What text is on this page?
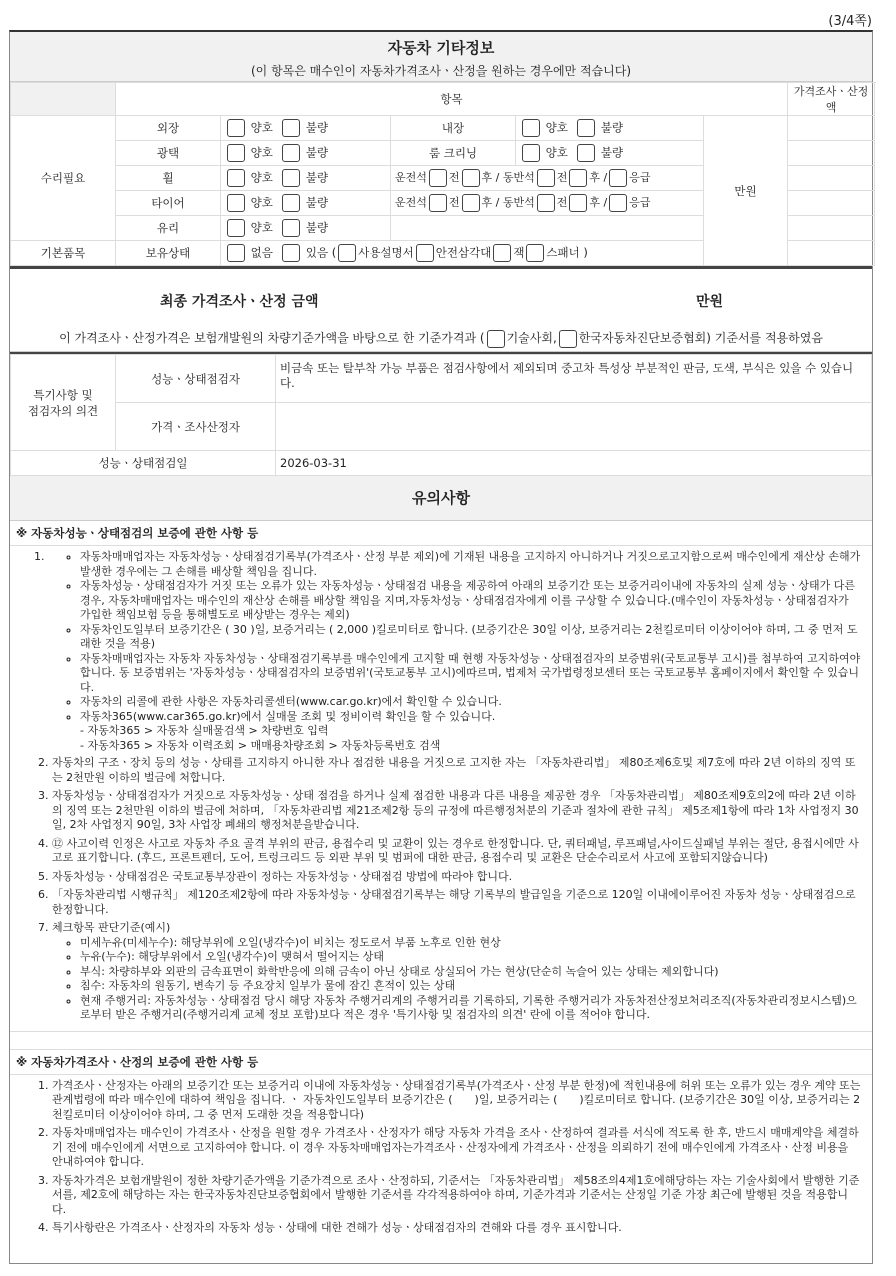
(3/4쪽)
자동차 기타정보
(이 항목은 매수인이 자동차가격조사ㆍ산정을 원하는 경우에만 적습니다)
	항목					가격조사ㆍ산정액
수리필요	외장	양호 불량	내장	양호 불량	만원	
	광택	양호 불량	룸 크리닝	양호 불량		
	휠	양호 불량	운전석 전 후 / 동반석 전 후 / 응급			
	타이어	양호 불량	운전석 전 후 / 동반석 전 후 / 응급			
	유리	양호 불량				
기본품목	보유상태	없음 있음 ( 사용설명서 안전삼각대 잭 스패너 )				
최종 가격조사ㆍ산정 금액	만원
이 가격조사ㆍ산정가격은 보험개발원의 차량기준가액을 바탕으로 한 기준가격과 ( 기술사회, 한국자동차진단보증협회) 기준서를 적용하였음
특기사항 및
점검자의 의견	성능ㆍ상태점검자	비금속 또는 탈부착 가능 부품은 점검사항에서 제외되며 중고차 특성상 부분적인 판금, 도색, 부식은 있을 수 있습니다.
	가격ㆍ조사산정자	
성능ㆍ상태점검일		2026-03-31
유의사항
※ 자동차성능ㆍ상태점검의 보증에 관한 사항 등
1.	◦ 자동차매매업자는 자동차성능ㆍ상태점검기록부(가격조사ㆍ산정 부분 제외)에 기재된 내용을 고지하지 아니하거나 거짓으로고지함으로써 매수인에게 재산상 손해가 발생한 경우에는 그 손해를 배상할 책임을 집니다.
◦ 자동차성능ㆍ상태점검자가 거짓 또는 오류가 있는 자동차성능ㆍ상태점검 내용을 제공하여 아래의 보증기간 또는 보증거리이내에 자동차의 실제 성능ㆍ상태가 다른 경우, 자동차매매업자는 매수인의 재산상 손해를 배상할 책임을 지며,자동차성능ㆍ상태점검자에게 이를 구상할 수 있습니다.(매수인이 자동차성능ㆍ상태점검자가 가입한 책임보험 등을 통해별도로 배상받는 경우는 제외)
◦ 자동차인도일부터 보증기간은 ( 30 )일, 보증거리는 ( 2,000 )킬로미터로 합니다. (보증기간은 30일 이상, 보증거리는 2천킬로미터 이상이어야 하며, 그 중 먼저 도래한 것을 적용)
◦ 자동차매매업자는 자동차 자동차성능ㆍ상태점검기록부를 매수인에게 고지할 때 현행 자동차성능ㆍ상태점검자의 보증범위(국토교통부 고시)를 첨부하여 고지하여야 합니다. 동 보증범위는 '자동차성능ㆍ상태점검자의 보증범위'(국토교통부 고시)에따르며, 법제처 국가법령정보센터 또는 국토교통부 홈페이지에서 확인할 수 있습니다.
◦ 자동차의 리콜에 관한 사항은 자동차리콜센터(www.car.go.kr)에서 확인할 수 있습니다.
◦ 자동차365(www.car365.go.kr)에서 실매물 조회 및 정비이력 확인을 할 수 있습니다.
- 자동차365 > 자동차 실매물검색 > 차량번호 입력
- 자동차365 > 자동차 이력조회 > 매매용차량조회 > 자동차등록번호 검색
2. 자동차의 구조ㆍ장치 등의 성능ㆍ상태를 고지하지 아니한 자나 점검한 내용을 거짓으로 고지한 자는 「자동차관리법」 제80조제6호및 제7호에 따라 2년 이하의 징역 또는 2천만원 이하의 벌금에 처합니다.
3. 자동차성능ㆍ상태점검자가 거짓으로 자동차성능ㆍ상태 점검을 하거나 실제 점검한 내용과 다른 내용을 제공한 경우 「자동차관리법」 제80조제9호의2에 따라 2년 이하의 징역 또는 2천만원 이하의 벌금에 처하며, 「자동차관리법 제21조제2항 등의 규정에 따른행정처분의 기준과 절차에 관한 규칙」 제5조제1항에 따라 1차 사업정지 30일, 2차 사업정지 90일, 3차 사업장 폐쇄의 행정처분을받습니다.
4. ⑫ 사고이력 인정은 사고로 자동차 주요 골격 부위의 판금, 용접수리 및 교환이 있는 경우로 한정합니다. 단, 쿼터패널, 루프패널,사이드실패널 부위는 절단, 용접시에만 사고로 표기합니다. (후드, 프론트펜더, 도어, 트렁크리드 등 외판 부위 및 범퍼에 대한 판금, 용접수리 및 교환은 단순수리로서 사고에 포함되지않습니다)
5. 자동차성능ㆍ상태점검은 국토교통부장관이 정하는 자동차성능ㆍ상태점검 방법에 따라야 합니다.
6. 「자동차관리법 시행규칙」 제120조제2항에 따라 자동차성능ㆍ상태점검기록부는 해당 기록부의 발급일을 기준으로 120일 이내에이루어진 자동차 성능ㆍ상태점검으로 한정합니다.
7. 체크항목 판단기준(예시)
◦ 미세누유(미세누수): 해당부위에 오일(냉각수)이 비치는 정도로서 부품 노후로 인한 현상
◦ 누유(누수): 해당부위에서 오일(냉각수)이 맺혀서 떨어지는 상태
◦ 부식: 차량하부와 외판의 금속표면이 화학반응에 의해 금속이 아닌 상태로 상실되어 가는 현상(단순히 녹슬어 있는 상태는 제외합니다)
◦ 침수: 자동차의 원동기, 변속기 등 주요장치 일부가 물에 잠긴 흔적이 있는 상태
◦ 현재 주행거리: 자동차성능ㆍ상태점검 당시 해당 자동차 주행거리계의 주행거리를 기록하되, 기록한 주행거리가 자동차전산정보처리조직(자동차관리정보시스템)으로부터 받은 주행거리(주행거리계 교체 정보 포함)보다 적은 경우 '특기사항 및 점검자의 의견' 란에 이를 적어야 합니다.
※ 자동차가격조사ㆍ산정의 보증에 관한 사항 등
1. 가격조사ㆍ산정자는 아래의 보증기간 또는 보증거리 이내에 자동차성능ㆍ상태점검기록부(가격조사ㆍ산정 부분 한정)에 적힌내용에 허위 또는 오류가 있는 경우 계약 또는 관계법령에 따라 매수인에 대하여 책임을 집니다. ㆍ 자동차인도일부터 보증기간은 (　　)일, 보증거리는 (　　)킬로미터로 합니다. (보증기간은 30일 이상, 보증거리는 2천킬로미터 이상이어야 하며, 그 중 먼저 도래한 것을 적용합니다)
2. 자동차매매업자는 매수인이 가격조사ㆍ산정을 원할 경우 가격조사ㆍ산정자가 해당 자동차 가격을 조사ㆍ산정하여 결과를 서식에 적도록 한 후, 반드시 매매계약을 체결하기 전에 매수인에게 서면으로 고지하여야 합니다. 이 경우 자동차매매업자는가격조사ㆍ산정자에게 가격조사ㆍ산정을 의뢰하기 전에 매수인에게 가격조사ㆍ산정 비용을 안내하여야 합니다.
3. 자동차가격은 보험개발원이 정한 차량기준가액을 기준가격으로 조사ㆍ산정하되, 기준서는 「자동차관리법」 제58조의4제1호에해당하는 자는 기술사회에서 발행한 기준서를, 제2호에 해당하는 자는 한국자동차진단보증협회에서 발행한 기준서를 각각적용하여야 하며, 기준가격과 기준서는 산정일 기준 가장 최근에 발행된 것을 적용합니다.
4. 특기사항란은 가격조사ㆍ산정자의 자동차 성능ㆍ상태에 대한 견해가 성능ㆍ상태점검자의 견해와 다를 경우 표시합니다.
